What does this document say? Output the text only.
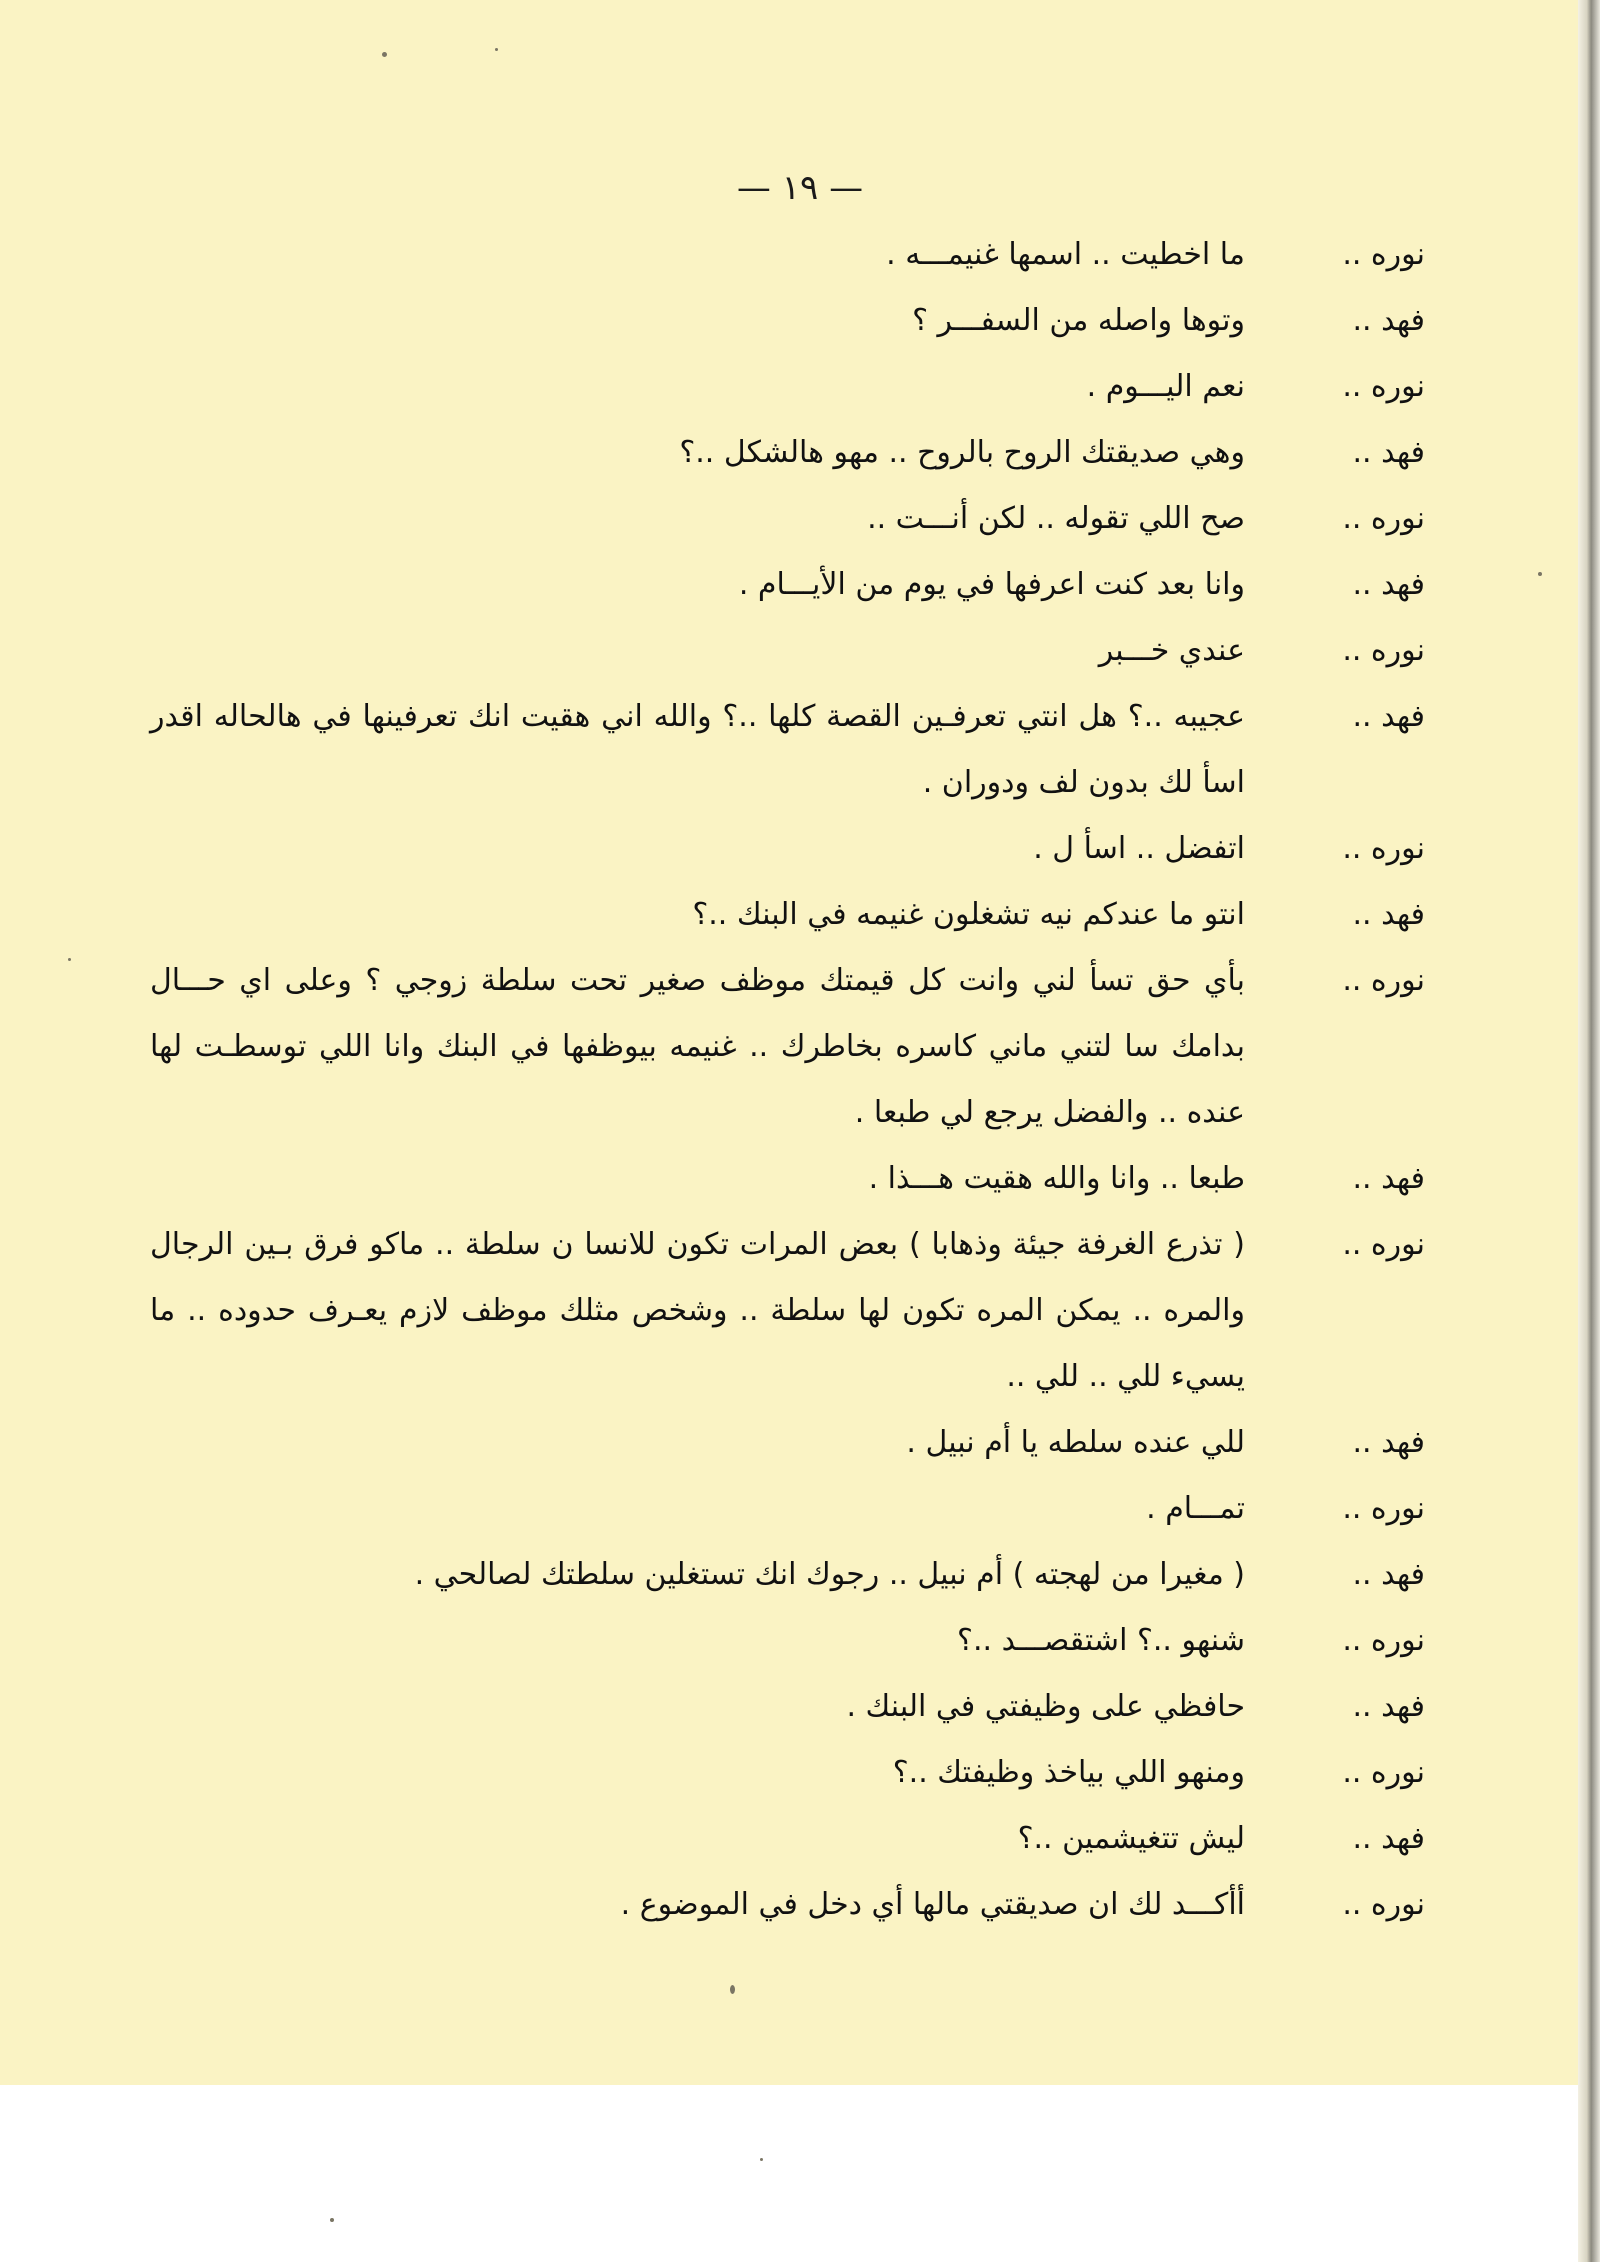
— ١٩ —
نوره ..
ما اخطيت .. اسمها غنيمـــه .
فهد ..
وتوها واصله من السفـــر ؟
نوره ..
نعم اليـــوم .
فهد ..
وهي صديقتك الروح بالروح .. مهو هالشكل ..؟
نوره ..
صح اللي تقوله .. لكن أنـــت ..
فهد ..
وانا بعد كنت اعرفها في يوم من الأيـــام .
نوره ..
عندي خـــبر
فهد ..
عجيبه ..؟ هل انتي تعرفـين القصة كلها ..؟ والله اني هقيت انك تعرفينها في هالحاله اقدر اسأ لك بدون لف ودوران .
نوره ..
اتفضل .. اسأ ل .
فهد ..
انتو ما عندكم نيه تشغلون غنيمه في البنك ..؟
نوره ..
بأي حق تسأ لني وانت كل قيمتك موظف صغير تحت سلطة زوجي ؟ وعلى اي حـــال بدامك سا لتني ماني كاسره بخاطرك .. غنيمه بيوظفها في البنك وانا اللي توسطـت لها عنده .. والفضل يرجع لي طبعا .
فهد ..
طبعا .. وانا والله هقيت هـــذا .
نوره ..
( تذرع الغرفة جيئة وذهابا ) بعض المرات تكون للانسا ن سلطة .. ماكو فرق بـين الرجال والمره .. يمكن المره تكون لها سلطة .. وشخص مثلك موظف لازم يعـرف حدوده .. ما يسيء للي .. للي ..
فهد ..
للي عنده سلطه يا أم نبيل .
نوره ..
تمـــام .
فهد ..
( مغيرا من لهجته ) أم نبيل .. رجوك انك تستغلين سلطتك لصالحي .
نوره ..
شنهو ..؟ اشتقصـــد ..؟
فهد ..
حافظي على وظيفتي في البنك .
نوره ..
ومنهو اللي بياخذ وظيفتك ..؟
فهد ..
ليش تتغيشمين ..؟
نوره ..
أأكـــد لك ان صديقتي مالها أي دخل في الموضوع .
